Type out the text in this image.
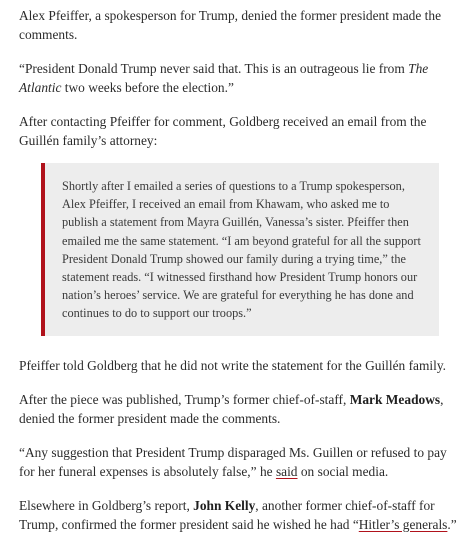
Alex Pfeiffer, a spokesperson for Trump, denied the former president made the comments.

“President Donald Trump never said that. This is an outrageous lie from The Atlantic two weeks before the election.”

After contacting Pfeiffer for comment, Goldberg received an email from the Guillén family’s attorney:

Shortly after I emailed a series of questions to a Trump spokesperson, Alex Pfeiffer, I received an email from Khawam, who asked me to publish a statement from Mayra Guillén, Vanessa’s sister. Pfeiffer then emailed me the same statement. “I am beyond grateful for all the support President Donald Trump showed our family during a trying time,” the statement reads. “I witnessed firsthand how President Trump honors our nation’s heroes’ service. We are grateful for everything he has done and continues to do to support our troops.”

Pfeiffer told Goldberg that he did not write the statement for the Guillén family.

After the piece was published, Trump’s former chief-of-staff, Mark Meadows, denied the former president made the comments.

“Any suggestion that President Trump disparaged Ms. Guillen or refused to pay for her funeral expenses is absolutely false,” he said on social media.

Elsewhere in Goldberg’s report, John Kelly, another former chief-of-staff for Trump, confirmed the former president said he wished he had “Hitler’s generals.”
